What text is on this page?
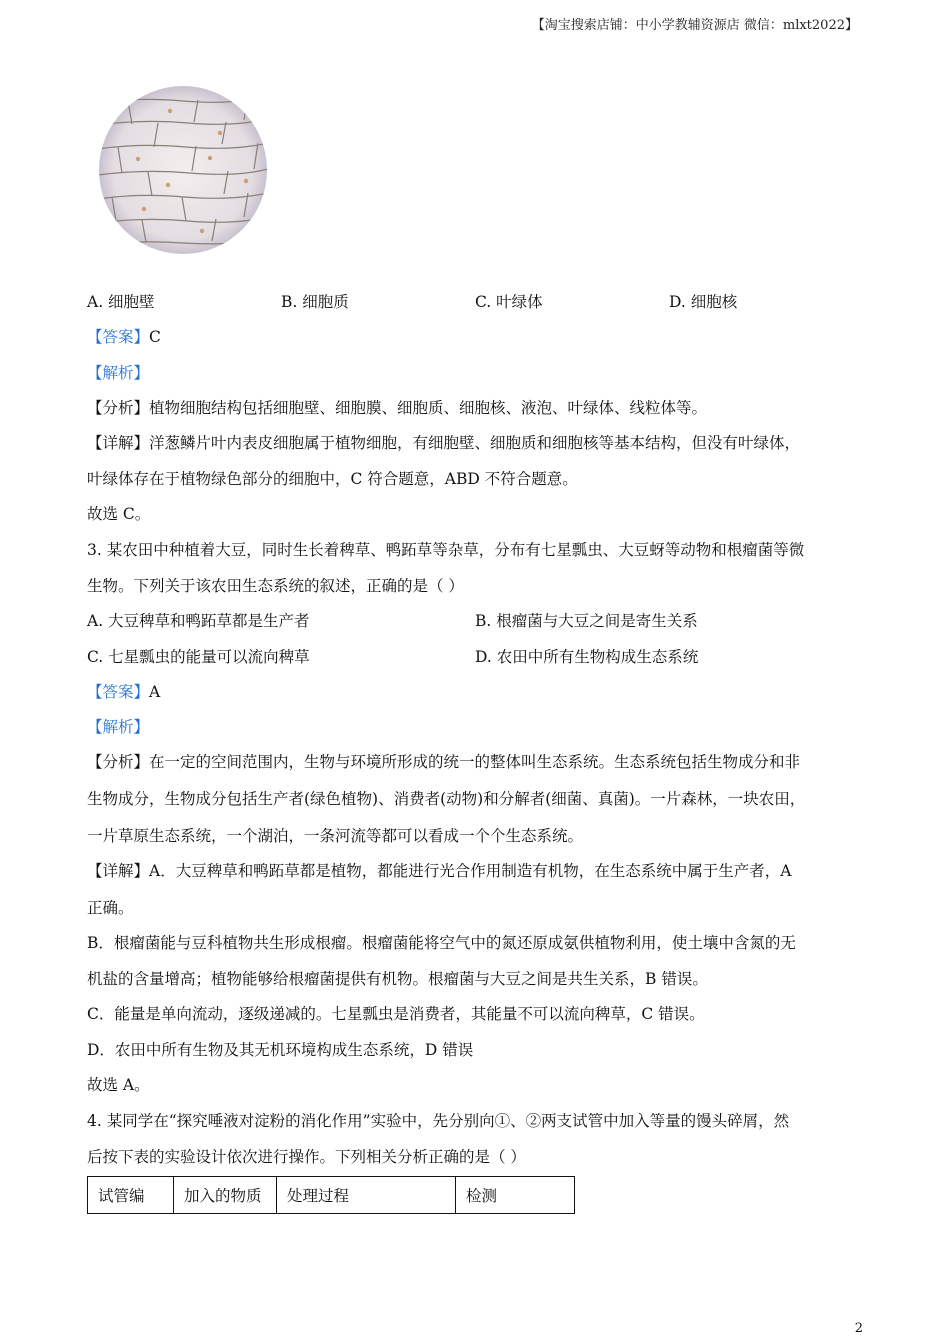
【淘宝搜索店铺：中小学教辅资源店 微信：mlxt2022】
A. 细胞壁	B. 细胞质	C. 叶绿体	D. 细胞核
【答案】C
【解析】
【分析】植物细胞结构包括细胞壁、细胞膜、细胞质、细胞核、液泡、叶绿体、线粒体等。
【详解】洋葱鳞片叶内表皮细胞属于植物细胞，有细胞壁、细胞质和细胞核等基本结构，但没有叶绿体，
叶绿体存在于植物绿色部分的细胞中，C 符合题意，ABD 不符合题意。
故选 C。
3. 某农田中种植着大豆，同时生长着稗草、鸭跖草等杂草，分布有七星瓢虫、大豆蚜等动物和根瘤菌等微
生物。下列关于该农田生态系统的叙述，正确的是（ ）
A. 大豆稗草和鸭跖草都是生产者	B. 根瘤菌与大豆之间是寄生关系
C. 七星瓢虫的能量可以流向稗草	D. 农田中所有生物构成生态系统
【答案】A
【解析】
【分析】在一定的空间范围内，生物与环境所形成的统一的整体叫生态系统。生态系统包括生物成分和非
生物成分，生物成分包括生产者(绿色植物)、消费者(动物)和分解者(细菌、真菌)。一片森林，一块农田，
一片草原生态系统，一个湖泊，一条河流等都可以看成一个个生态系统。
【详解】A．大豆稗草和鸭跖草都是植物，都能进行光合作用制造有机物，在生态系统中属于生产者，A
正确。
B．根瘤菌能与豆科植物共生形成根瘤。根瘤菌能将空气中的氮还原成氨供植物利用，使土壤中含氮的无
机盐的含量增高；植物能够给根瘤菌提供有机物。根瘤菌与大豆之间是共生关系，B 错误。
C．能量是单向流动，逐级递减的。七星瓢虫是消费者，其能量不可以流向稗草，C 错误。
D．农田中所有生物及其无机环境构成生态系统，D 错误
故选 A。
4. 某同学在“探究唾液对淀粉的消化作用”实验中，先分别向①、②两支试管中加入等量的馒头碎屑，然
后按下表的实验设计依次进行操作。下列相关分析正确的是（ ）
试管编	加入的物质	处理过程	检测
2
